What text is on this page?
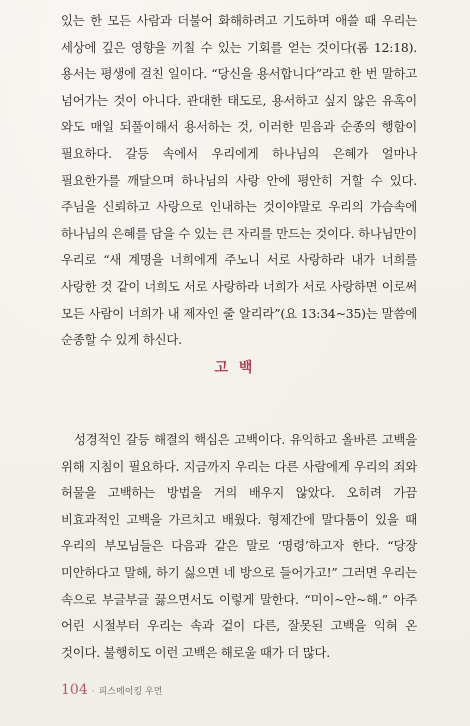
있는 한 모든 사람과 더불어 화해하려고 기도하며 애쓸 때 우리는 세상에 깊은 영향을 끼칠 수 있는 기회를 얻는 것이다(롬 12:18). 용서는 평생에 걸친 일이다. “당신을 용서합니다”라고 한 번 말하고 넘어가는 것이 아니다. 관대한 태도로, 용서하고 싶지 않은 유혹이 와도 매일 되풀이해서 용서하는 것, 이러한 믿음과 순종의 행함이 필요하다. 갈등 속에서 우리에게 하나님의 은혜가 얼마나 필요한가를 깨달으며 하나님의 사랑 안에 평안히 거할 수 있다. 주님을 신뢰하고 사랑으로 인내하는 것이야말로 우리의 가슴속에 하나님의 은혜를 담을 수 있는 큰 자리를 만드는 것이다. 하나님만이 우리로 “새 계명을 너희에게 주노니 서로 사랑하라 내가 너희를 사랑한 것 같이 너희도 서로 사랑하라 너희가 서로 사랑하면 이로써 모든 사람이 너희가 내 제자인 줄 알리라”(요 13:34~35)는 말씀에 순종할 수 있게 하신다.

고 백

성경적인 갈등 해결의 핵심은 고백이다. 유익하고 올바른 고백을 위해 지침이 필요하다. 지금까지 우리는 다른 사람에게 우리의 죄와 허물을 고백하는 방법을 거의 배우지 않았다. 오히려 가끔 비효과적인 고백을 가르치고 배웠다. 형제간에 말다툼이 있을 때 우리의 부모님들은 다음과 같은 말로 ‘명령’하고자 한다. “당장 미안하다고 말해, 하기 싫으면 네 방으로 들어가고!” 그러면 우리는 속으로 부글부글 끓으면서도 이렇게 말한다. “미이~안~해.” 아주 어린 시절부터 우리는 속과 겉이 다른, 잘못된 고백을 익혀 온 것이다. 불행히도 이런 고백은 해로울 때가 더 많다.

104 · 피스메이킹 우먼
